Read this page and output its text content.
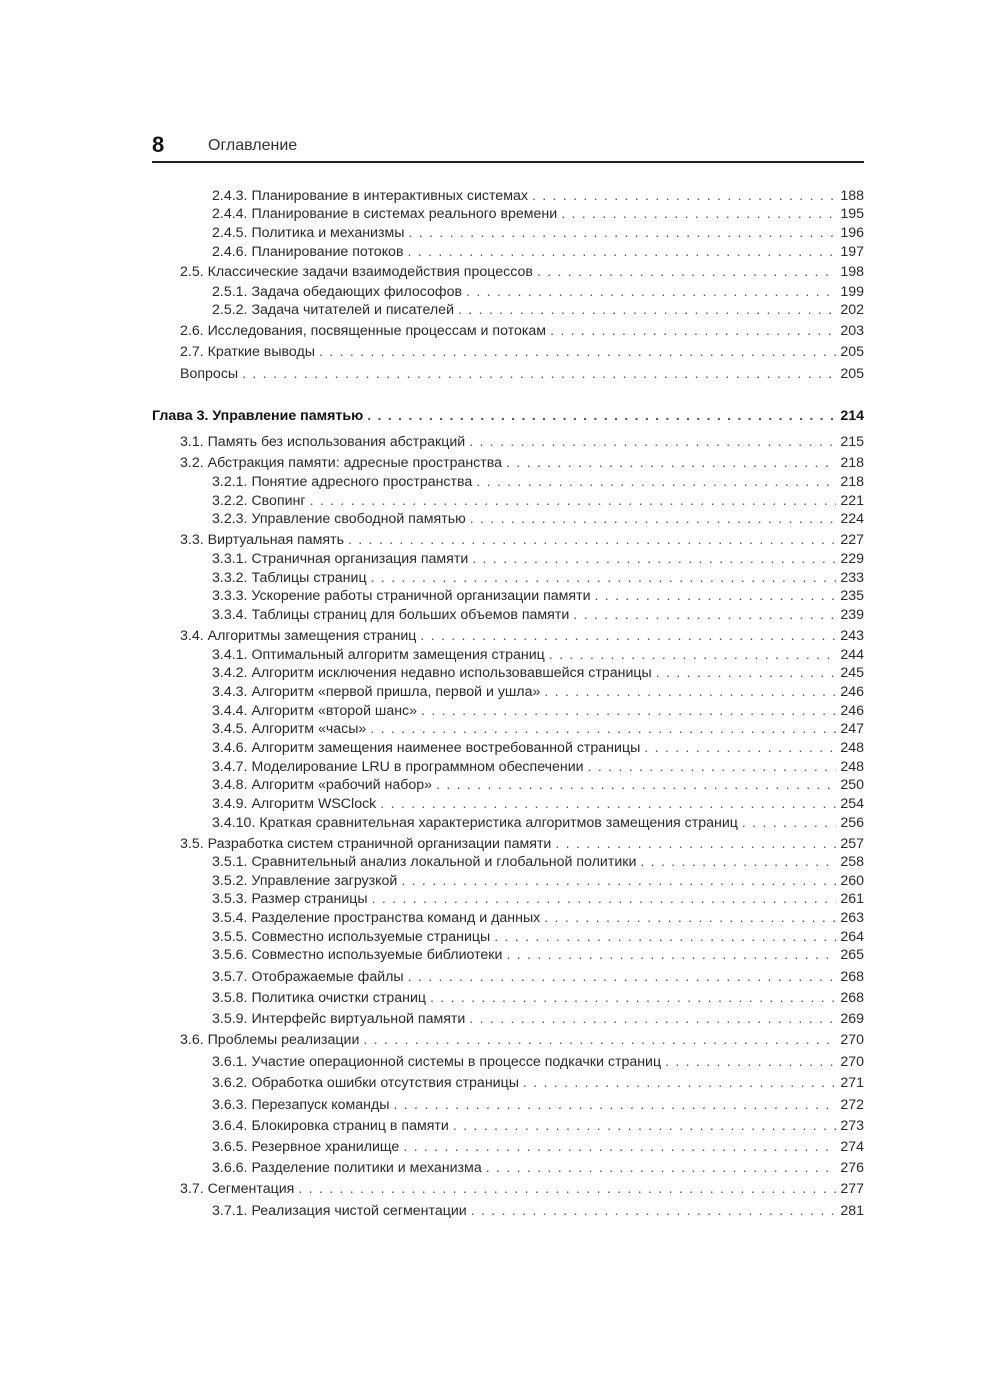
8	Оглавление
2.4.3. Планирование в интерактивных системах . . .	188
2.4.4. Планирование в системах реального времени . . .	195
2.4.5. Политика и механизмы . . .	196
2.4.6. Планирование потоков . . .	197
2.5. Классические задачи взаимодействия процессов . . .	198
2.5.1. Задача обедающих философов . . .	199
2.5.2. Задача читателей и писателей . . .	202
2.6. Исследования, посвященные процессам и потокам . . .	203
2.7. Краткие выводы . . .	205
Вопросы . . .	205
Глава 3. Управление памятью . . .	214
3.1. Память без использования абстракций . . .	215
3.2. Абстракция памяти: адресные пространства . . .	218
3.2.1. Понятие адресного пространства . . .	218
3.2.2. Свопинг . . .	221
3.2.3. Управление свободной памятью . . .	224
3.3. Виртуальная память . . .	227
3.3.1. Страничная организация памяти . . .	229
3.3.2. Таблицы страниц . . .	233
3.3.3. Ускорение работы страничной организации памяти . . .	235
3.3.4. Таблицы страниц для больших объемов памяти . . .	239
3.4. Алгоритмы замещения страниц . . .	243
3.4.1. Оптимальный алгоритм замещения страниц . . .	244
3.4.2. Алгоритм исключения недавно использовавшейся страницы . . .	245
3.4.3. Алгоритм «первой пришла, первой и ушла» . . .	246
3.4.4. Алгоритм «второй шанс» . . .	246
3.4.5. Алгоритм «часы» . . .	247
3.4.6. Алгоритм замещения наименее востребованной страницы . . .	248
3.4.7. Моделирование LRU в программном обеспечении . . .	248
3.4.8. Алгоритм «рабочий набор» . . .	250
3.4.9. Алгоритм WSClock . . .	254
3.4.10. Краткая сравнительная характеристика алгоритмов замещения страниц . . .	256
3.5. Разработка систем страничной организации памяти . . .	257
3.5.1. Сравнительный анализ локальной и глобальной политики . . .	258
3.5.2. Управление загрузкой . . .	260
3.5.3. Размер страницы . . .	261
3.5.4. Разделение пространства команд и данных . . .	263
3.5.5. Совместно используемые страницы . . .	264
3.5.6. Совместно используемые библиотеки . . .	265
3.5.7. Отображаемые файлы . . .	268
3.5.8. Политика очистки страниц . . .	268
3.5.9. Интерфейс виртуальной памяти . . .	269
3.6. Проблемы реализации . . .	270
3.6.1. Участие операционной системы в процессе подкачки страниц . . .	270
3.6.2. Обработка ошибки отсутствия страницы . . .	271
3.6.3. Перезапуск команды . . .	272
3.6.4. Блокировка страниц в памяти . . .	273
3.6.5. Резервное хранилище . . .	274
3.6.6. Разделение политики и механизма . . .	276
3.7. Сегментация . . .	277
3.7.1. Реализация чистой сегментации . . .	281
